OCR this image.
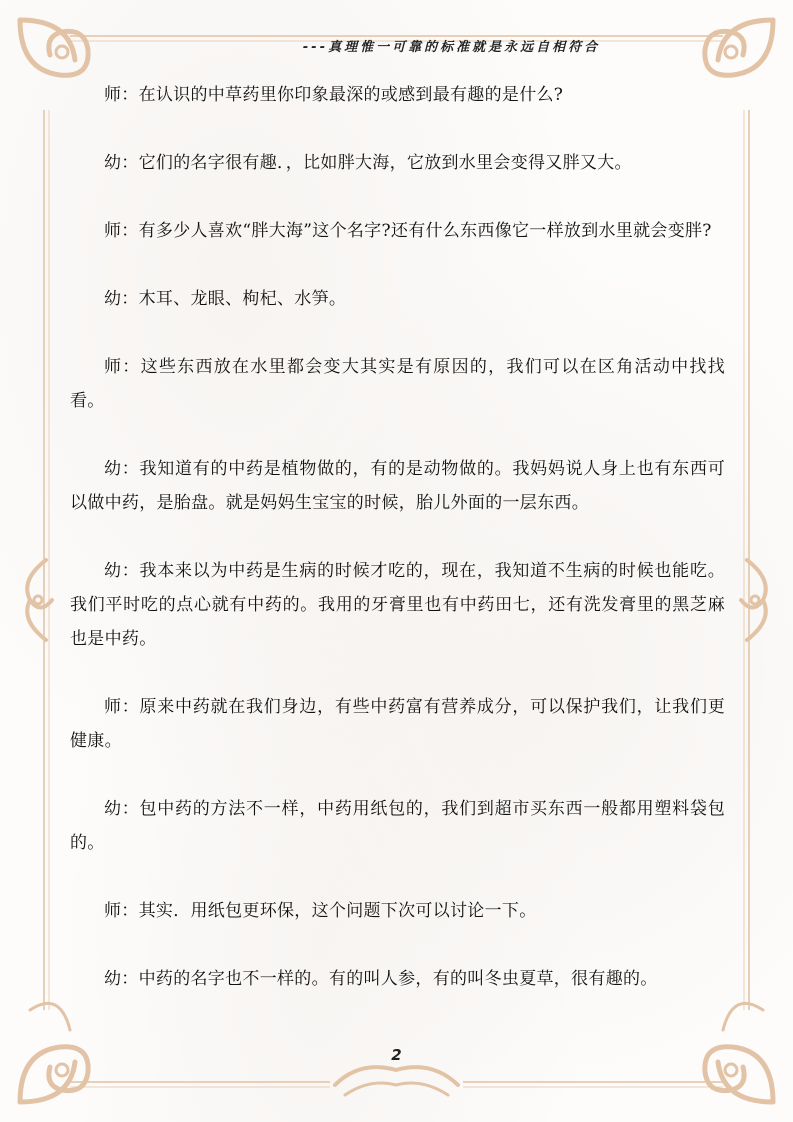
---真理惟一可靠的标准就是永远自相符合

师：在认识的中草药里你印象最深的或感到最有趣的是什么?

幼：它们的名字很有趣．，比如胖大海，它放到水里会变得又胖又大。

师：有多少人喜欢“胖大海”这个名字?还有什么东西像它一样放到水里就会变胖?

幼：木耳、龙眼、枸杞、水笋。

师：这些东西放在水里都会变大其实是有原因的，我们可以在区角活动中找找看。

幼：我知道有的中药是植物做的，有的是动物做的。我妈妈说人身上也有东西可以做中药，是胎盘。就是妈妈生宝宝的时候，胎儿外面的一层东西。

幼：我本来以为中药是生病的时候才吃的，现在，我知道不生病的时候也能吃。我们平时吃的点心就有中药的。我用的牙膏里也有中药田七，还有洗发膏里的黑芝麻也是中药。

师：原来中药就在我们身边，有些中药富有营养成分，可以保护我们，让我们更健康。

幼：包中药的方法不一样，中药用纸包的，我们到超市买东西一般都用塑料袋包的。

师：其实．用纸包更环保，这个问题下次可以讨论一下。

幼：中药的名字也不一样的。有的叫人参，有的叫冬虫夏草，很有趣的。

2
